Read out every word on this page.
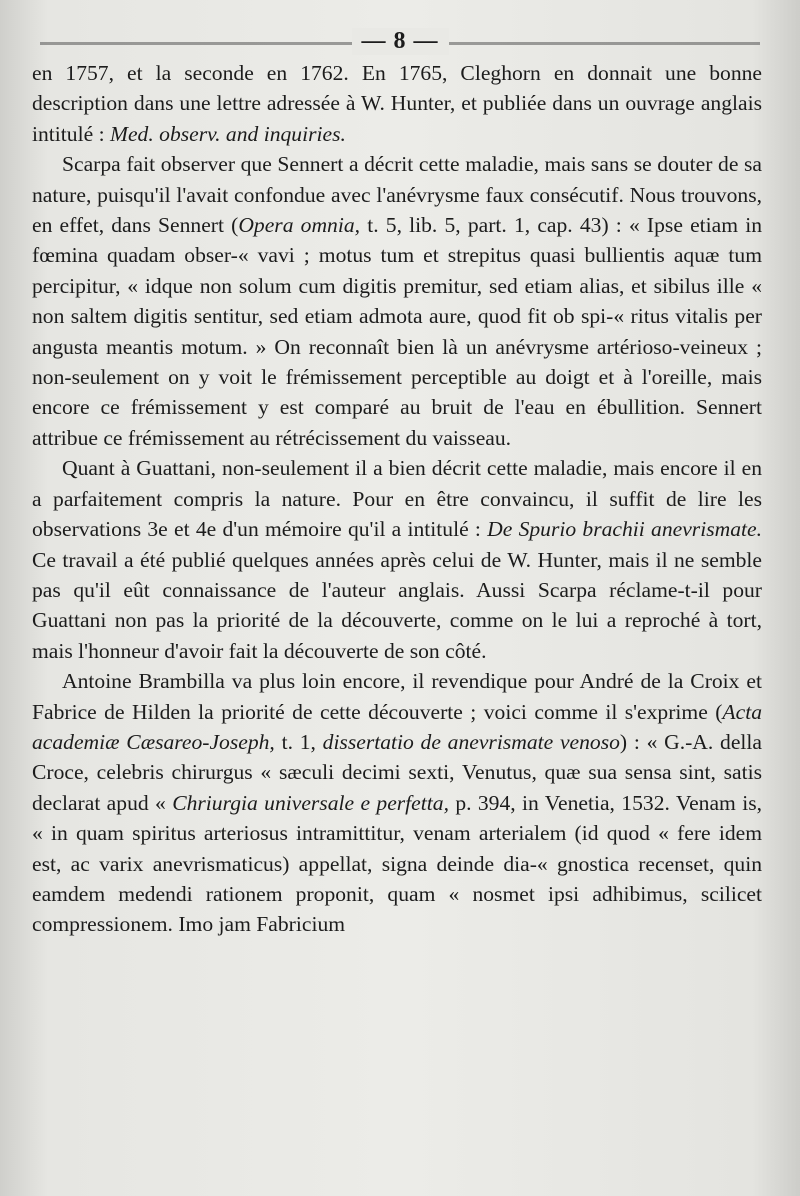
— 8 —

en 1757, et la seconde en 1762. En 1765, Cleghorn en donnait une bonne description dans une lettre adressée à W. Hunter, et publiée dans un ouvrage anglais intitulé : Med. observ. and inquiries.

Scarpa fait observer que Sennert a décrit cette maladie, mais sans se douter de sa nature, puisqu'il l'avait confondue avec l'anévrysme faux consécutif. Nous trouvons, en effet, dans Sennert (Opera omnia, t. 5, lib. 5, part. 1, cap. 43) : « Ipse etiam in fœmina quadam obser-« vavi ; motus tum et strepitus quasi bullientis aquæ tum percipitur, « idque non solum cum digitis premitur, sed etiam alias, et sibilus ille « non saltem digitis sentitur, sed etiam admota aure, quod fit ob spi-« ritus vitalis per angusta meantis motum. » On reconnaît bien là un anévrysme artérioso-veineux ; non-seulement on y voit le frémissement perceptible au doigt et à l'oreille, mais encore ce frémissement y est comparé au bruit de l'eau en ébullition. Sennert attribue ce frémissement au rétrécissement du vaisseau.

Quant à Guattani, non-seulement il a bien décrit cette maladie, mais encore il en a parfaitement compris la nature. Pour en être convaincu, il suffit de lire les observations 3e et 4e d'un mémoire qu'il a intitulé : De Spurio brachii anevrismate. Ce travail a été publié quelques années après celui de W. Hunter, mais il ne semble pas qu'il eût connaissance de l'auteur anglais. Aussi Scarpa réclame-t-il pour Guattani non pas la priorité de la découverte, comme on le lui a reproché à tort, mais l'honneur d'avoir fait la découverte de son côté.

Antoine Brambilla va plus loin encore, il revendique pour André de la Croix et Fabrice de Hilden la priorité de cette découverte ; voici comme il s'exprime (Acta academiæ Cæsareo-Joseph, t. 1, dissertatio de anevrismate venoso) : « G.-A. della Croce, celebris chirurgus « sæculi decimi sexti, Venutus, quæ sua sensa sint, satis declarat apud « Chriurgia universale e perfetta, p. 394, in Venetia, 1532. Venam is, « in quam spiritus arteriosus intramittitur, venam arterialem (id quod « fere idem est, ac varix anevrismaticus) appellat, signa deinde dia-« gnostica recenset, quin eamdem medendi rationem proponit, quam « nosmet ipsi adhibimus, scilicet compressionem. Imo jam Fabricium
